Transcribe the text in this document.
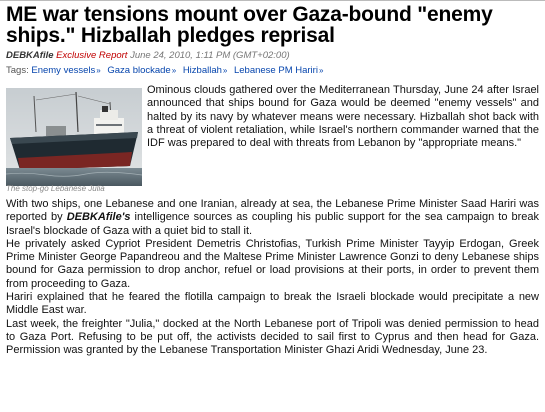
ME war tensions mount over Gaza-bound "enemy ships." Hizballah pledges reprisal
DEBKAfile Exclusive Report June 24, 2010, 1:11 PM (GMT+02:00)
Tags: Enemy vessels» Gaza blockade» Hizballah» Lebanese PM Hariri»
The stop-go Lebanese Julia
Ominous clouds gathered over the Mediterranean Thursday, June 24 after Israel announced that ships bound for Gaza would be deemed "enemy vessels" and halted by its navy by whatever means were necessary. Hizballah shot back with a threat of violent retaliation, while Israel's northern commander warned that the IDF was prepared to deal with threats from Lebanon by "appropriate means."

With two ships, one Lebanese and one Iranian, already at sea, the Lebanese Prime Minister Saad Hariri was reported by DEBKAfile's intelligence sources as coupling his public support for the sea campaign to break Israel's blockade of Gaza with a quiet bid to stall it.

He privately asked Cypriot President Demetris Christofias, Turkish Prime Minister Tayyip Erdogan, Greek Prime Minister George Papandreou and the Maltese Prime Minister Lawrence Gonzi to deny Lebanese ships bound for Gaza permission to drop anchor, refuel or load provisions at their ports, in order to prevent them from proceeding to Gaza.

Hariri explained that he feared the flotilla campaign to break the Israeli blockade would precipitate a new Middle East war.

Last week, the freighter "Julia," docked at the North Lebanese port of Tripoli was denied permission to head to Gaza Port. Refusing to be put off, the activists decided to sail first to Cyprus and then head for Gaza. Permission was granted by the Lebanese Transportation Minister Ghazi Aridi Wednesday, June 23.
